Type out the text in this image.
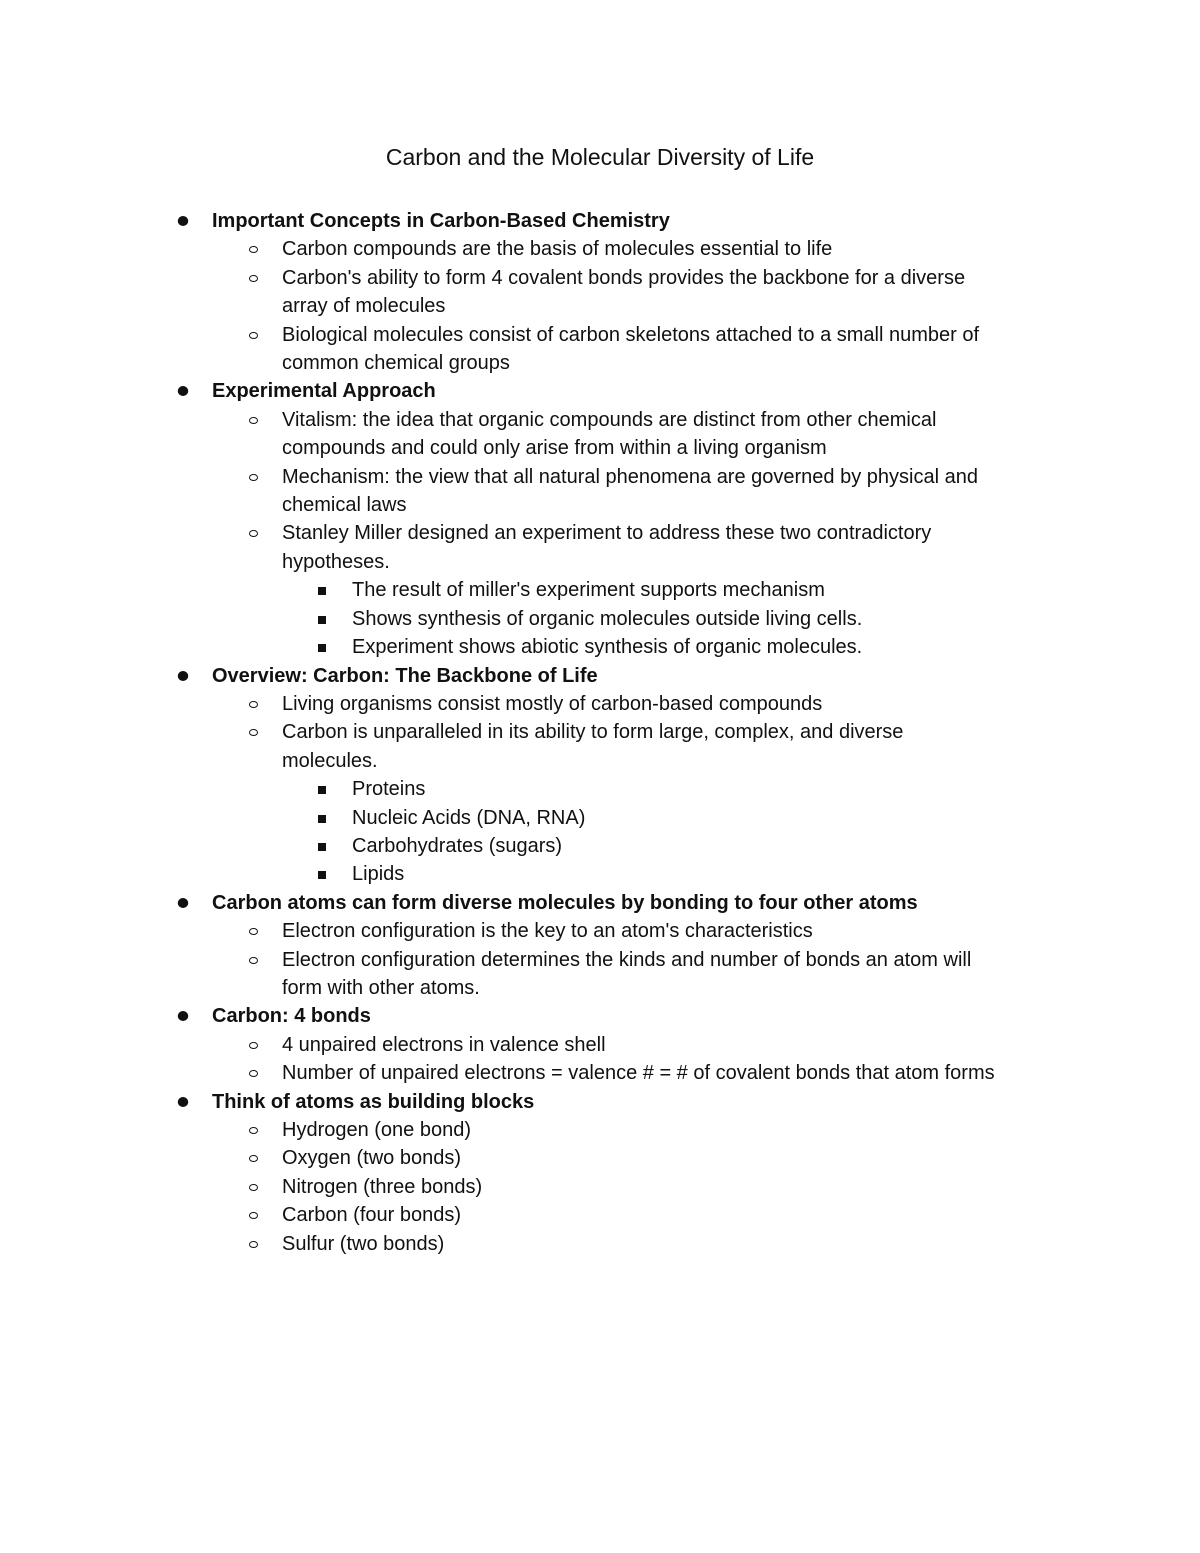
Carbon and the Molecular Diversity of Life
Important Concepts in Carbon-Based Chemistry
Carbon compounds are the basis of molecules essential to life
Carbon's ability to form 4 covalent bonds provides the backbone for a diverse
array of molecules
Biological molecules consist of carbon skeletons attached to a small number of
common chemical groups
Experimental Approach
Vitalism: the idea that organic compounds are distinct from other chemical
compounds and could only arise from within a living organism
Mechanism: the view that all natural phenomena are governed by physical and
chemical laws
Stanley Miller designed an experiment to address these two contradictory
hypotheses.
The result of miller's experiment supports mechanism
Shows synthesis of organic molecules outside living cells.
Experiment shows abiotic synthesis of organic molecules.
Overview: Carbon: The Backbone of Life
Living organisms consist mostly of carbon-based compounds
Carbon is unparalleled in its ability to form large, complex, and diverse
molecules.
Proteins
Nucleic Acids (DNA, RNA)
Carbohydrates (sugars)
Lipids
Carbon atoms can form diverse molecules by bonding to four other atoms
Electron configuration is the key to an atom's characteristics
Electron configuration determines the kinds and number of bonds an atom will
form with other atoms.
Carbon: 4 bonds
4 unpaired electrons in valence shell
Number of unpaired electrons = valence # = # of covalent bonds that atom forms
Think of atoms as building blocks
Hydrogen (one bond)
Oxygen (two bonds)
Nitrogen (three bonds)
Carbon (four bonds)
Sulfur (two bonds)
